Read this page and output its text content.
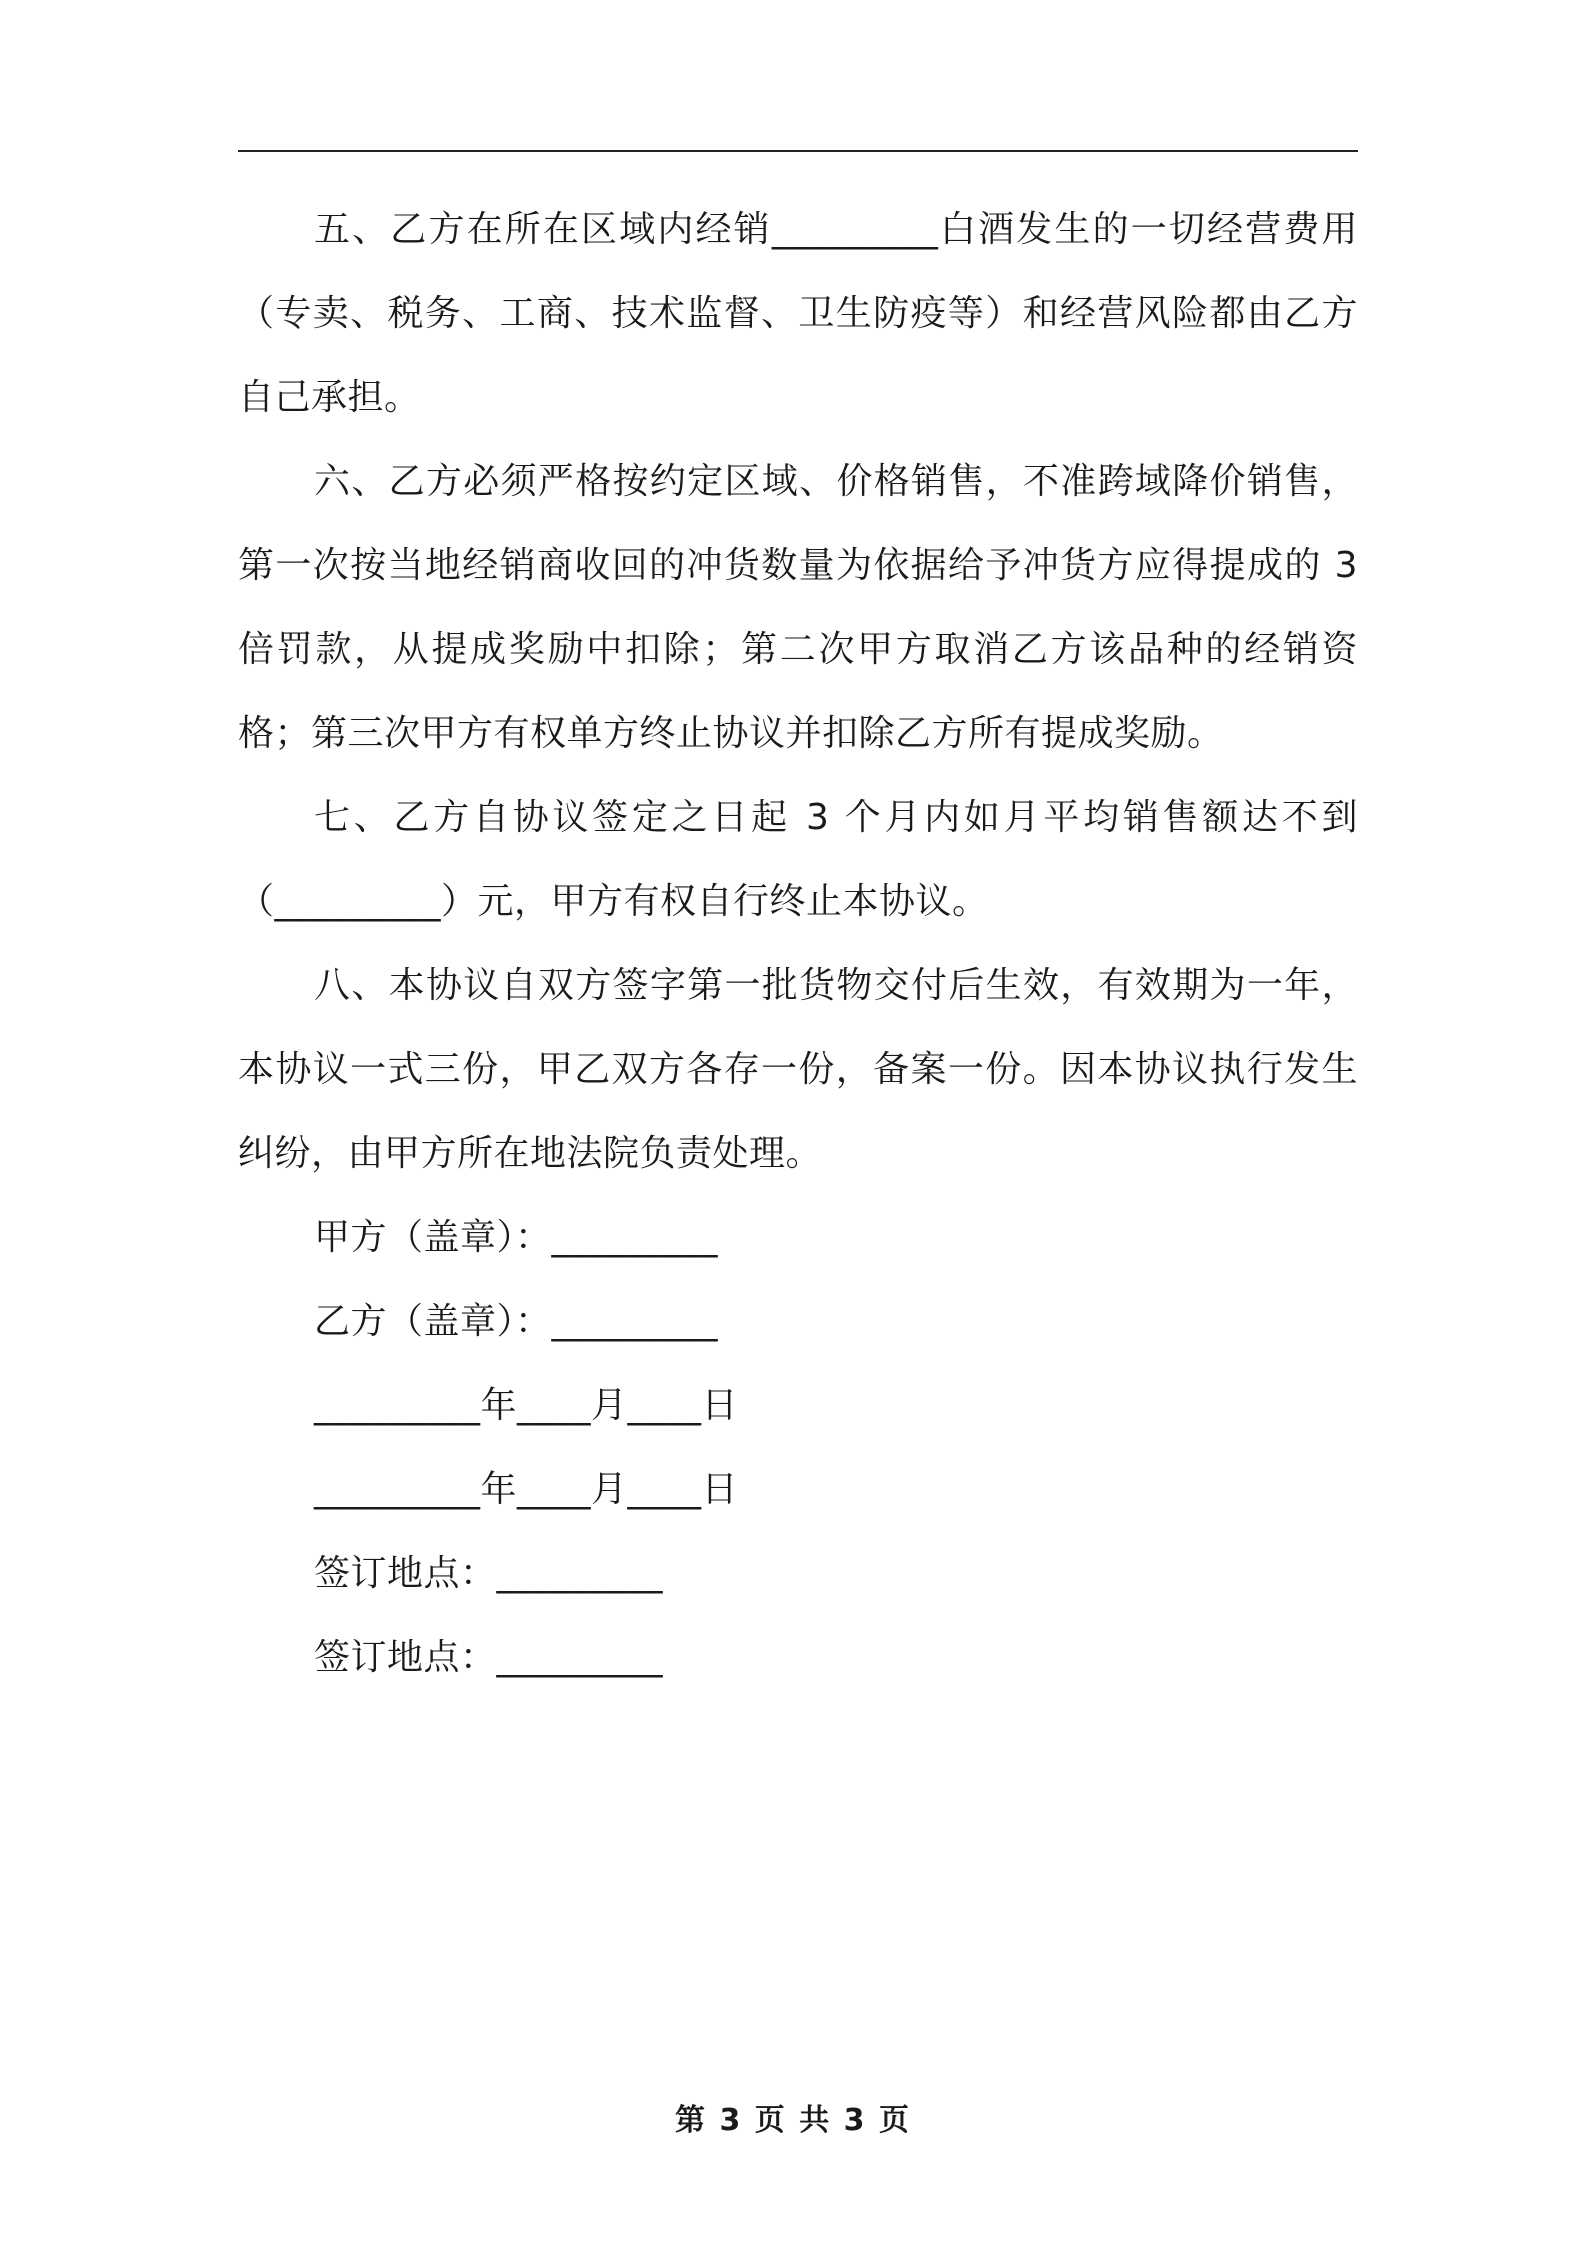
五、乙方在所在区域内经销_________白酒发生的一切经营费用（专卖、税务、工商、技术监督、卫生防疫等）和经营风险都由乙方自己承担。

六、乙方必须严格按约定区域、价格销售，不准跨域降价销售，第一次按当地经销商收回的冲货数量为依据给予冲货方应得提成的 3 倍罚款，从提成奖励中扣除；第二次甲方取消乙方该品种的经销资格；第三次甲方有权单方终止协议并扣除乙方所有提成奖励。

七、乙方自协议签定之日起 3 个月内如月平均销售额达不到（_________）元，甲方有权自行终止本协议。

八、本协议自双方签字第一批货物交付后生效，有效期为一年，本协议一式三份，甲乙双方各存一份，备案一份。因本协议执行发生纠纷，由甲方所在地法院负责处理。

甲方（盖章）：_________

乙方（盖章）：_________

_________年____月____日

_________年____月____日

签订地点：_________

签订地点：_________

第 3 页 共 3 页
